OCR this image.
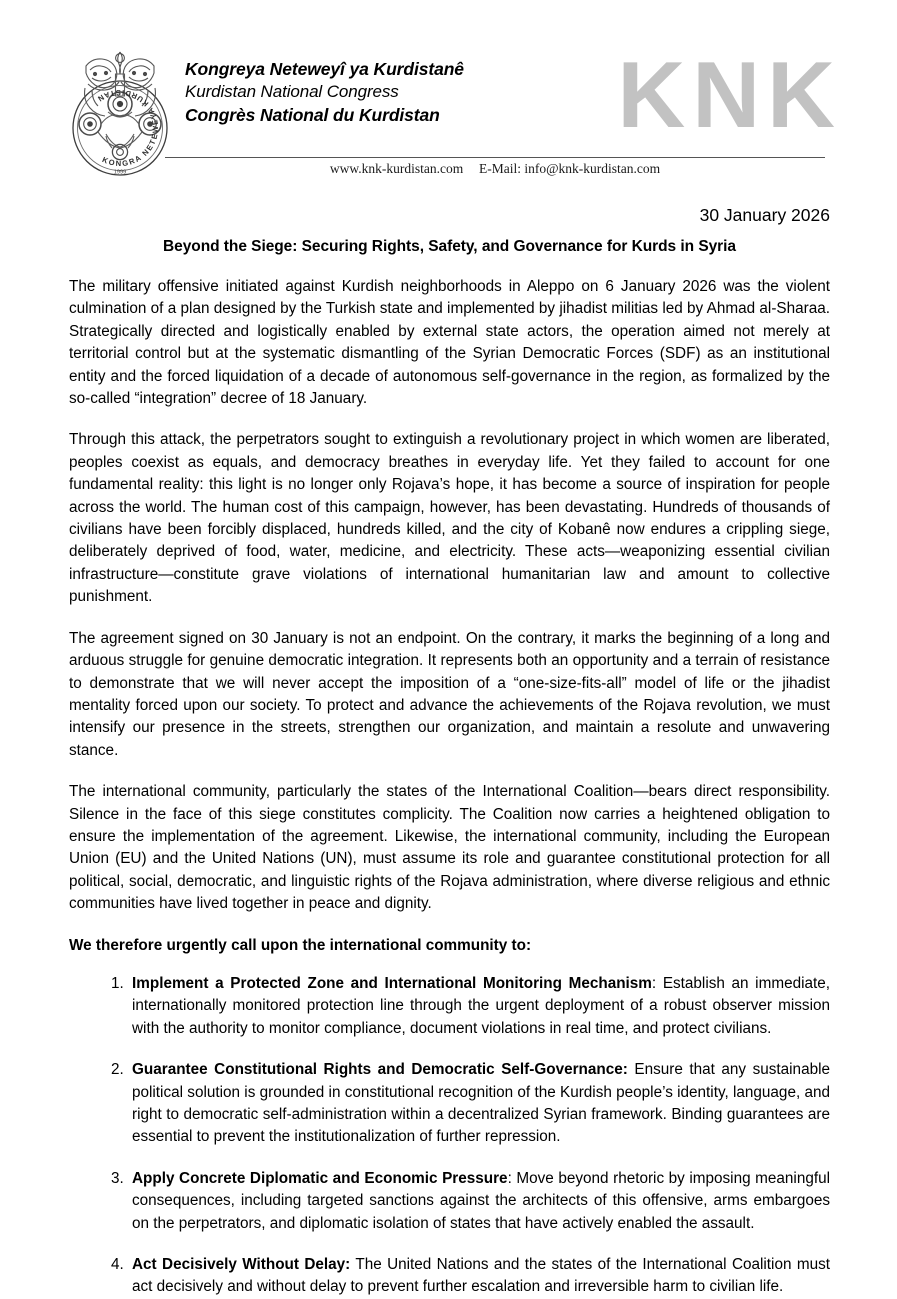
KONGRA NETEWEYA KURDISTAN
1999
Kongreya Neteweyî ya Kurdistanê
Kurdistan National Congress
Congrès National du Kurdistan KNK
www.knk-kurdistan.com E-Mail: info@knk-kurdistan.com
30 January 2026
Beyond the Siege: Securing Rights, Safety, and Governance for Kurds in Syria

The military offensive initiated against Kurdish neighborhoods in Aleppo on 6 January 2026 was the violent culmination of a plan designed by the Turkish state and implemented by jihadist militias led by Ahmad al-Sharaa. Strategically directed and logistically enabled by external state actors, the operation aimed not merely at territorial control but at the systematic dismantling of the Syrian Democratic Forces (SDF) as an institutional entity and the forced liquidation of a decade of autonomous self-governance in the region, as formalized by the so-called “integration” decree of 18 January.

Through this attack, the perpetrators sought to extinguish a revolutionary project in which women are liberated, peoples coexist as equals, and democracy breathes in everyday life. Yet they failed to account for one fundamental reality: this light is no longer only Rojava’s hope, it has become a source of inspiration for people across the world. The human cost of this campaign, however, has been devastating. Hundreds of thousands of civilians have been forcibly displaced, hundreds killed, and the city of Kobanê now endures a crippling siege, deliberately deprived of food, water, medicine, and electricity. These acts—weaponizing essential civilian infrastructure—constitute grave violations of international humanitarian law and amount to collective punishment.

The agreement signed on 30 January is not an endpoint. On the contrary, it marks the beginning of a long and arduous struggle for genuine democratic integration. It represents both an opportunity and a terrain of resistance to demonstrate that we will never accept the imposition of a “one-size-fits-all” model of life or the jihadist mentality forced upon our society. To protect and advance the achievements of the Rojava revolution, we must intensify our presence in the streets, strengthen our organization, and maintain a resolute and unwavering stance.

The international community, particularly the states of the International Coalition—bears direct responsibility. Silence in the face of this siege constitutes complicity. The Coalition now carries a heightened obligation to ensure the implementation of the agreement. Likewise, the international community, including the European Union (EU) and the United Nations (UN), must assume its role and guarantee constitutional protection for all political, social, democratic, and linguistic rights of the Rojava administration, where diverse religious and ethnic communities have lived together in peace and dignity.

We therefore urgently call upon the international community to:

1. Implement a Protected Zone and International Monitoring Mechanism: Establish an immediate, internationally monitored protection line through the urgent deployment of a robust observer mission with the authority to monitor compliance, document violations in real time, and protect civilians.
2. Guarantee Constitutional Rights and Democratic Self-Governance: Ensure that any sustainable political solution is grounded in constitutional recognition of the Kurdish people’s identity, language, and right to democratic self-administration within a decentralized Syrian framework. Binding guarantees are essential to prevent the institutionalization of further repression.
3. Apply Concrete Diplomatic and Economic Pressure: Move beyond rhetoric by imposing meaningful consequences, including targeted sanctions against the architects of this offensive, arms embargoes on the perpetrators, and diplomatic isolation of states that have actively enabled the assault.
4. Act Decisively Without Delay: The United Nations and the states of the International Coalition must act decisively and without delay to prevent further escalation and irreversible harm to civilian life.
